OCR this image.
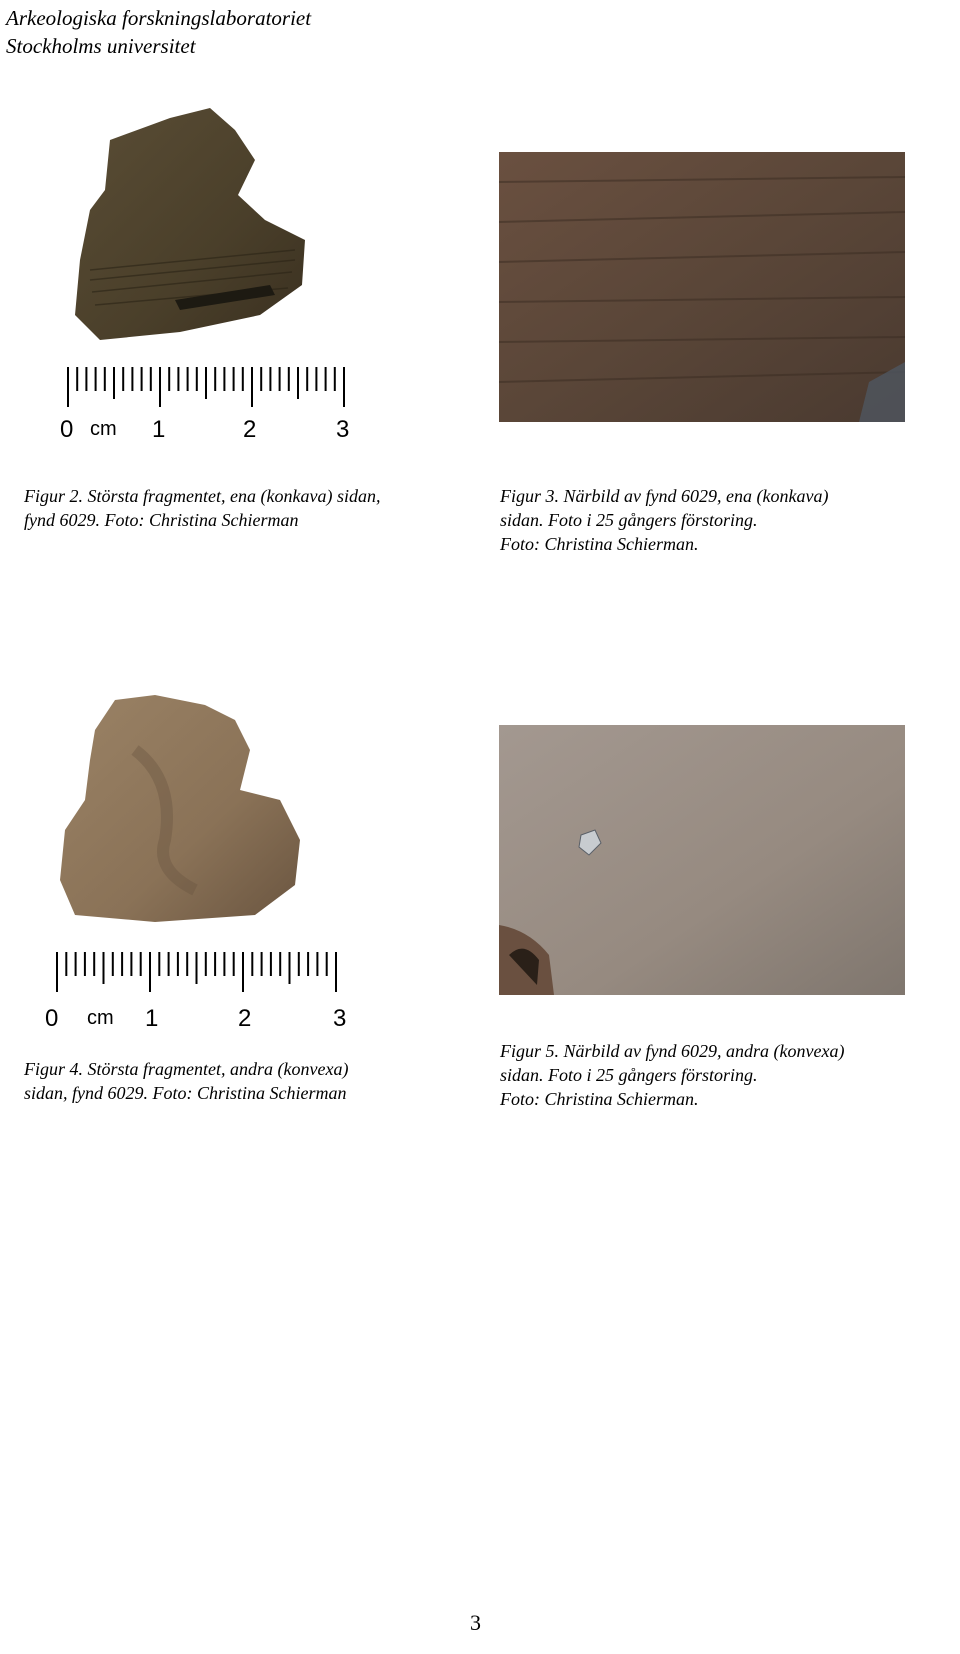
Arkeologiska forskningslaboratoriet
Stockholms universitet
0 cm 1	2	3
Figur 2. Största fragmentet, ena (konkava) sidan,
fynd 6029. Foto: Christina Schierman
Figur 3. Närbild av fynd 6029, ena (konkava)
sidan. Foto i 25 gångers förstoring.
Foto: Christina Schierman.
0 cm 1	2	3
Figur 4. Största fragmentet, andra (konvexa)
sidan, fynd 6029. Foto: Christina Schierman
Figur 5. Närbild av fynd 6029, andra (konvexa)
sidan. Foto i 25 gångers förstoring.
Foto: Christina Schierman.
3
